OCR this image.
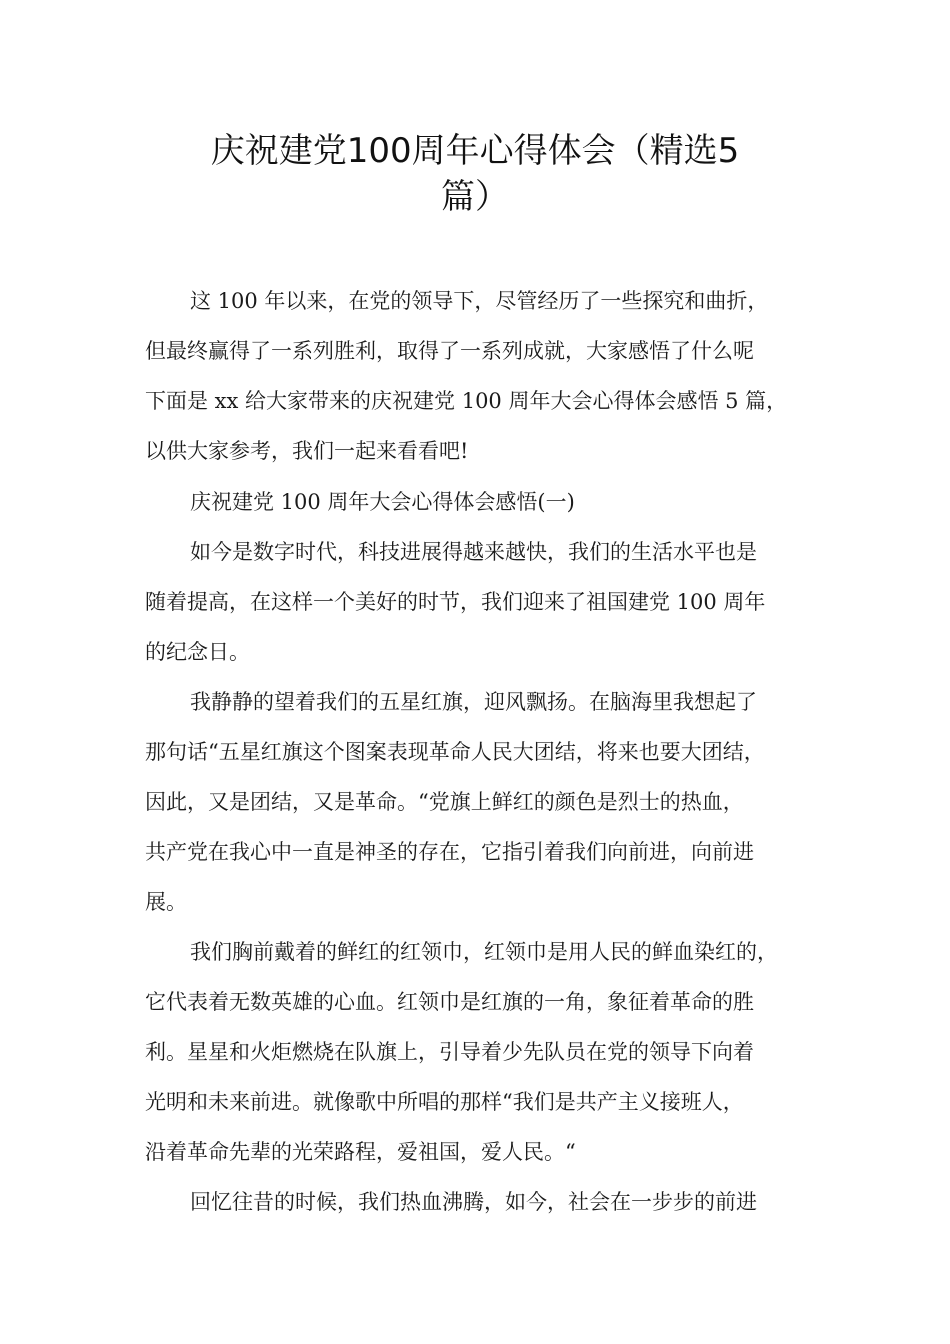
庆祝建党100周年心得体会（精选5
篇）

这 100 年以来，在党的领导下，尽管经历了一些探究和曲折，

但最终赢得了一系列胜利，取得了一系列成就，大家感悟了什么呢

下面是 xx 给大家带来的庆祝建党 100 周年大会心得体会感悟 5 篇，

以供大家参考，我们一起来看看吧!

庆祝建党 100 周年大会心得体会感悟(一)

如今是数字时代，科技进展得越来越快，我们的生活水平也是

随着提高，在这样一个美好的时节，我们迎来了祖国建党 100 周年

的纪念日。

我静静的望着我们的五星红旗，迎风飘扬。在脑海里我想起了

那句话“五星红旗这个图案表现革命人民大团结，将来也要大团结，

因此，又是团结，又是革命。“党旗上鲜红的颜色是烈士的热血，

共产党在我心中一直是神圣的存在，它指引着我们向前进，向前进

展。

我们胸前戴着的鲜红的红领巾，红领巾是用人民的鲜血染红的，

它代表着无数英雄的心血。红领巾是红旗的一角，象征着革命的胜

利。星星和火炬燃烧在队旗上，引导着少先队员在党的领导下向着

光明和未来前进。就像歌中所唱的那样“我们是共产主义接班人，

沿着革命先辈的光荣路程，爱祖国，爱人民。“

回忆往昔的时候，我们热血沸腾，如今，社会在一步步的前进
